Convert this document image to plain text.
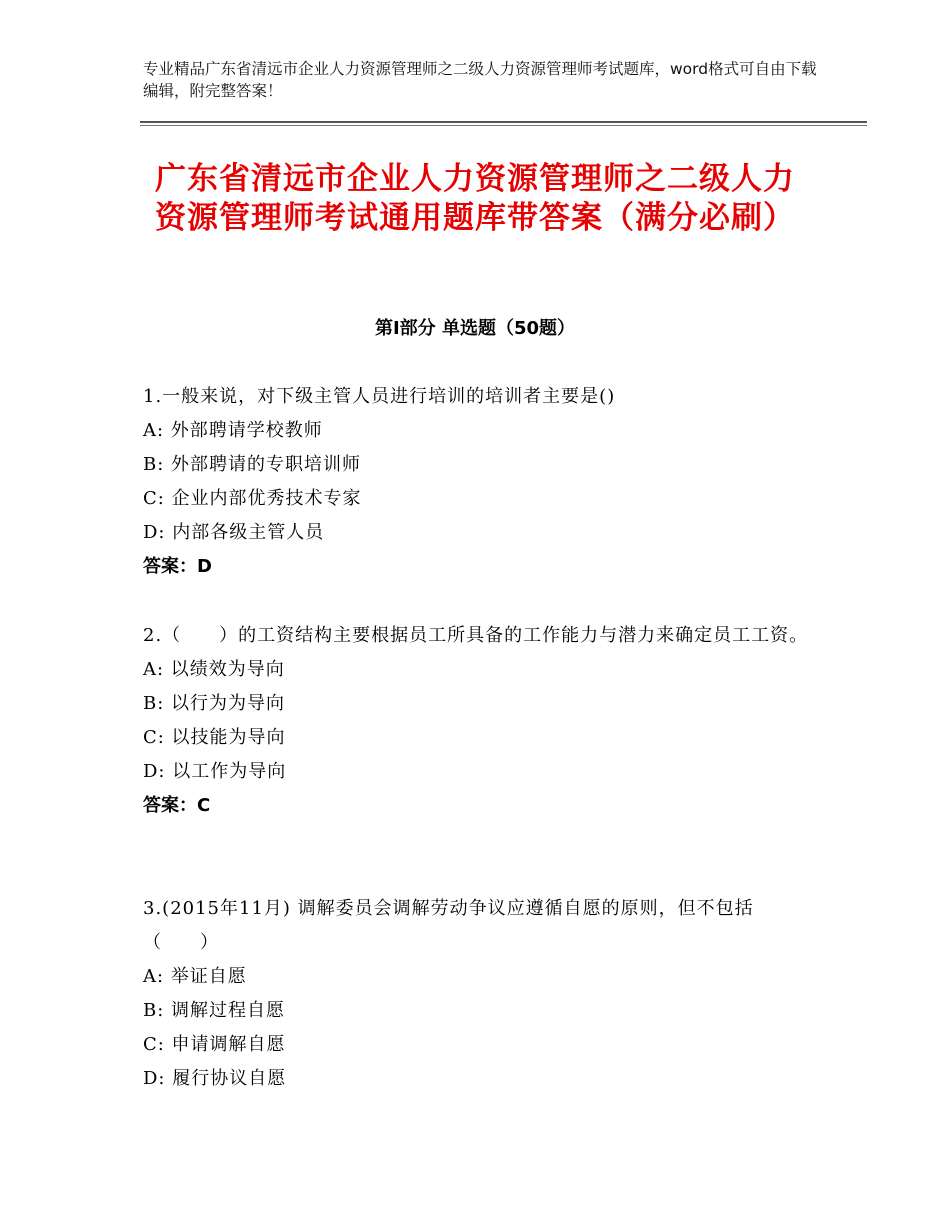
专业精品广东省清远市企业人力资源管理师之二级人力资源管理师考试题库，word格式可自由下载编辑，附完整答案！
广东省清远市企业人力资源管理师之二级人力资源管理师考试通用题库带答案（满分必刷）
第Ⅰ部分 单选题（50题）
1.一般来说，对下级主管人员进行培训的培训者主要是()
A: 外部聘请学校教师
B: 外部聘请的专职培训师
C: 企业内部优秀技术专家
D: 内部各级主管人员
答案：D
2.（　　）的工资结构主要根据员工所具备的工作能力与潜力来确定员工工资。
A: 以绩效为导向
B: 以行为为导向
C: 以技能为导向
D: 以工作为导向
答案：C
3.(2015年11月) 调解委员会调解劳动争议应遵循自愿的原则，但不包括（　　）
A: 举证自愿
B: 调解过程自愿
C: 申请调解自愿
D: 履行协议自愿
